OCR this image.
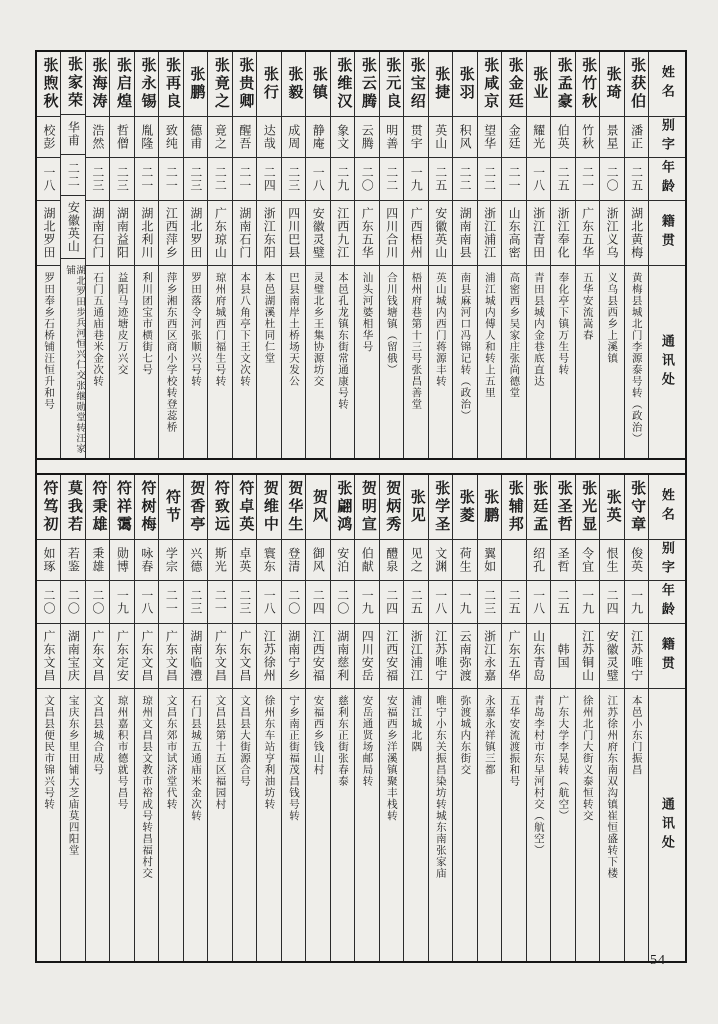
姓名
别字
年龄
籍贯
通讯处
张获伯
潘正
二五
湖北黄梅
黄梅县城北门李源泰号转（政治）
张琦
景星
二〇
浙江义乌
义乌县西乡上溪镇
张竹秋
竹秋
二一
广东五华
五华安流嵩春
张孟豪
伯英
二五
浙江奉化
奉化亭下镇万生号转
张业
耀光
一八
浙江青田
青田县城内金巷底直达
张金廷
金廷
二一
山东高密
高密西乡吴家庄张尚德堂
张咸京
望华
二二
浙江浦江
浦江城内傅人和转上五里
张羽
积风
二二
湖南南县
南县麻河口冯锦记转（政治）
张捷
英山
二五
安徽英山
英山城内西门蒋源丰转
张宝绍
贯宇
一九
广西梧州
梧州府巷第十三号张昌善堂
张元良
明善
二二
四川合川
合川钱塘镇（留俄）
张云腾
云腾
二〇
广东五华
汕头河婆相华号
张维汉
象文
二九
江西九江
本邑孔龙镇东街常通康号转
张镇
静庵
一八
安徽灵璧
灵璧北乡王集协源坊交
张毅
成周
二三
四川巴县
巴县南岸土桥场天发公
张行
达哉
二四
浙江东阳
本邑湖溪杜同仁堂
张贵卿
醒吾
二一
湖南石门
本县八角亭下王文次转
张竟之
竟之
二二
广东琼山
琼州府城西门福生号转
张鹏
德甫
二三
湖北罗田
罗田落令河张顺兴号转
张再良
致纯
二一
江西萍乡
萍乡湘东西区商小学校转登蕊桥
张永锡
胤隆
二一
湖北利川
利川团宝市横街七号
张启煌
哲僧
二三
湖南益阳
益阳马迹塘皮万兴交
张海涛
浩然
二三
湖南石门
石门五通庙巷米金次转
张家荣
华甫
二二
安徽英山
湖北罗田步兵河恒兴仁交张继勋堂转汪家铺
张煦秋
校彭
一八
湖北罗田
罗田奉乡石桥铺汪恒升和号
姓名
别字
年龄
籍贯
通讯处
张守章
俊英
一九
江苏唯宁
本邑小东门振昌
张英
恨生
二四
安徽灵璧
江苏徐州府东南双沟镇崔恒盛转下楼
张光显
令宜
一九
江苏铜山
徐州北门大街义泰恒转交
张圣哲
圣哲
二五
韩国
广东大学李晃转（航空）
张廷孟
绍孔
一八
山东青岛
青岛李村市东早河村交（航空）
张辅邦
二五
广东五华
五华安流渡振和号
张鹏
翼如
二三
浙江永嘉
永嘉永祥镇三都
张菱
荷生
一九
云南弥渡
弥渡城内东街交
张学圣
文渊
一八
江苏唯宁
唯宁小东关振昌染坊转城东南张家庙
张见
见之
二五
浙江浦江
浦江城北隅
贺炳秀
醴泉
二四
江西安福
安福西乡洋溪镇聚丰栈转
贺明宣
伯献
一九
四川安岳
安岳通贤场邮局转
张翩鸿
安泊
二〇
湖南慈利
慈利东正街张春泰
贺风
御风
二四
江西安福
安福西乡钱山村
贺华生
登清
二〇
湖南宁乡
宁乡南正街福茂昌钱号转
贺维中
寰东
一八
江苏徐州
徐州东车站亨利油坊转
符卓英
卓英
二三
广东文昌
文昌县大街源合号
符致远
斯光
二一
广东文昌
文昌县第十五区福园村
贺香亭
兴德
二三
湖南临澧
石门县城五通庙米金次转
符节
学宗
二一
广东文昌
文昌东郊市试济堂代转
符树梅
咏春
一八
广东文昌
琼州文昌县文教市裕成号转昌福村交
符祥霭
勋博
一九
广东定安
琼州嘉积市德就号昌号
符秉雄
秉雄
二〇
广东文昌
文昌县城合成号
莫我若
若鉴
二〇
湖南宝庆
宝庆东乡里田铺大芝庙莫四阳堂
符笃初
如琢
二〇
广东文昌
文昌县便民市锦兴号转
54
